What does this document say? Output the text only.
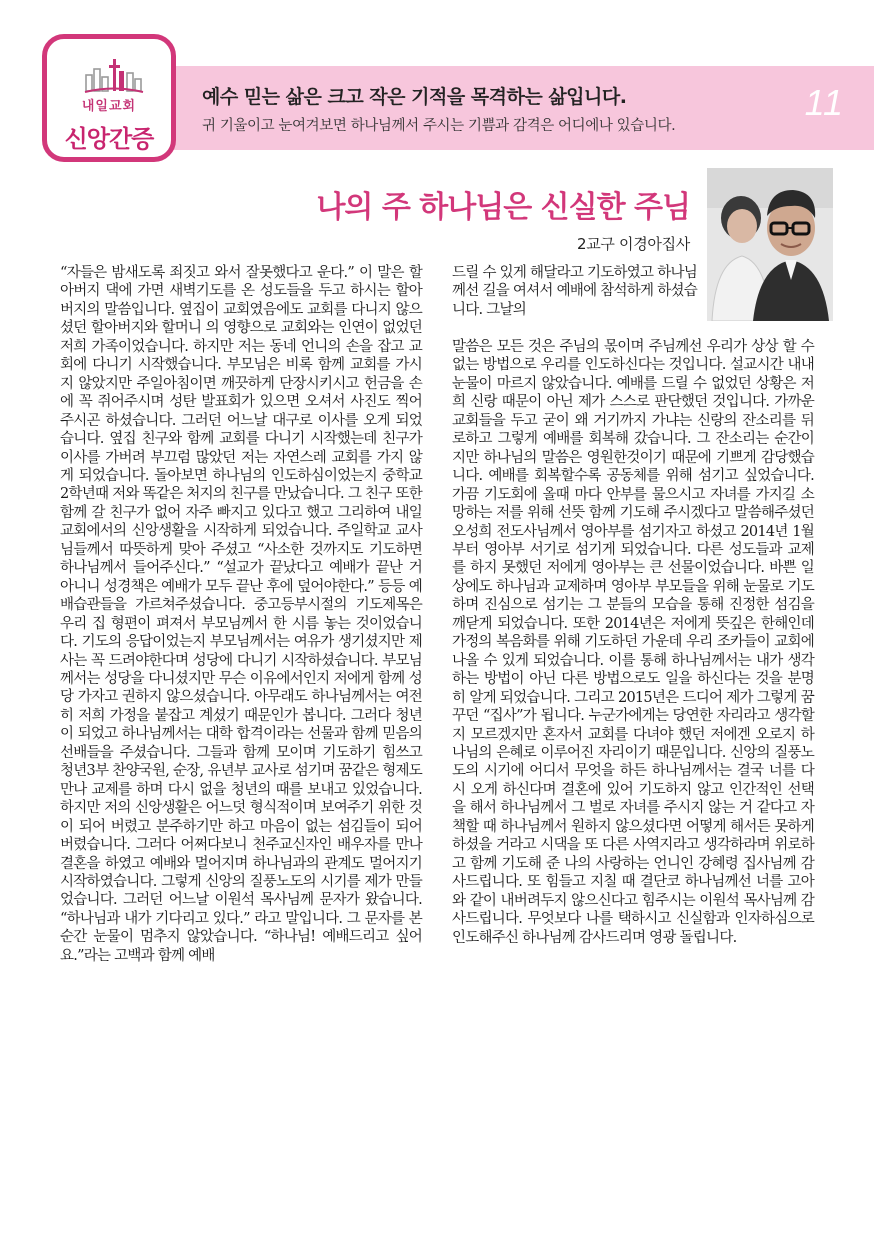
내일교회
신앙간증
예수 믿는 삶은 크고 작은 기적을 목격하는 삶입니다.
귀 기울이고 눈여겨보면 하나님께서 주시는 기쁨과 감격은 어디에나 있습니다.
11
나의 주 하나님은 신실한 주님
2교구 이경아집사

“자들은 밤새도록 죄짓고 와서 잘못했다고 운다.” 이 말은 할아버지 댁에 가면 새벽기도를 온 성도들을 두고 하시는 할아버지의 말씀입니다. 옆집이 교회였음에도 교회를 다니지 않으셨던 할아버지와 할머니 의 영향으로 교회와는 인연이 없었던 저희 가족이었습니다. 하지만 저는 동네 언니의 손을 잡고 교회에 다니기 시작했습니다. 부모님은 비록 함께 교회를 가시지 않았지만 주일아침이면 깨끗하게 단장시키시고 헌금을 손에 꼭 쥐어주시며 성탄 발표회가 있으면 오셔서 사진도 찍어 주시곤 하셨습니다. 그러던 어느날 대구로 이사를 오게 되었습니다. 옆집 친구와 함께 교회를 다니기 시작했는데 친구가 이사를 가버려 부끄럼 많았던 저는 자연스레 교회를 가지 않게 되었습니다. 돌아보면 하나님의 인도하심이었는지 중학교 2학년때 저와 똑같은 처지의 친구를 만났습니다. 그 친구 또한 함께 갈 친구가 없어 자주 빠지고 있다고 했고 그리하여 내일교회에서의 신앙생활을 시작하게 되었습니다. 주일학교 교사님들께서 따뜻하게 맞아 주셨고 “사소한 것까지도 기도하면 하나님께서 들어주신다.” “설교가 끝났다고 예배가 끝난 거 아니니 성경책은 예배가 모두 끝난 후에 덮어야한다.” 등등 예배습관들을 가르쳐주셨습니다. 중고등부시절의 기도제목은 우리 집 형편이 펴져서 부모님께서 한 시름 놓는 것이었습니다. 기도의 응답이었는지 부모님께서는 여유가 생기셨지만 제사는 꼭 드려야한다며 성당에 다니기 시작하셨습니다. 부모님께서는 성당을 다니셨지만 무슨 이유에서인지 저에게 함께 성당 가자고 권하지 않으셨습니다. 아무래도 하나님께서는 여전히 저희 가정을 붙잡고 계셨기 때문인가 봅니다. 그러다 청년이 되었고 하나님께서는 대학 합격이라는 선물과 함께 믿음의 선배들을 주셨습니다. 그들과 함께 모이며 기도하기 힘쓰고 청년3부 찬양국원, 순장, 유년부 교사로 섬기며 꿈같은 형제도 만나 교제를 하며 다시 없을 청년의 때를 보내고 있었습니다. 하지만 저의 신앙생활은 어느덧 형식적이며 보여주기 위한 것이 되어 버렸고 분주하기만 하고 마음이 없는 섬김들이 되어버렸습니다. 그러다 어쩌다보니 천주교신자인 배우자를 만나 결혼을 하였고 예배와 멀어지며 하나님과의 관계도 멀어지기 시작하였습니다. 그렇게 신앙의 질풍노도의 시기를 제가 만들었습니다. 그러던 어느날 이원석 목사님께 문자가 왔습니다. “하나님과 내가 기다리고 있다.” 라고 말입니다. 그 문자를 본 순간 눈물이 멈추지 않았습니다. “하나님! 예배드리고 싶어요.”라는 고백과 함께 예배

드릴 수 있게 해달라고 기도하였고 하나님께선 길을 여셔서 예배에 참석하게 하셨습니다. 그날의

말씀은 모든 것은 주님의 몫이며 주님께선 우리가 상상 할 수 없는 방법으로 우리를 인도하신다는 것입니다. 설교시간 내내 눈물이 마르지 않았습니다. 예배를 드릴 수 없었던 상황은 저희 신랑 때문이 아닌 제가 스스로 판단했던 것입니다. 가까운 교회들을 두고 굳이 왜 거기까지 가냐는 신랑의 잔소리를 뒤로하고 그렇게 예배를 회복해 갔습니다. 그 잔소리는 순간이지만 하나님의 말씀은 영원한것이기 때문에 기쁘게 감당했습니다. 예배를 회복할수록 공동체를 위해 섬기고 싶었습니다. 가끔 기도회에 올때 마다 안부를 물으시고 자녀를 가지길 소망하는 저를 위해 선뜻 함께 기도해 주시겠다고 말씀해주셨던 오성희 전도사님께서 영아부를 섬기자고 하셨고 2014년 1월부터 영아부 서기로 섬기게 되었습니다. 다른 성도들과 교제를 하지 못했던 저에게 영아부는 큰 선물이었습니다. 바쁜 일상에도 하나님과 교제하며 영아부 부모들을 위해 눈물로 기도하며 진심으로 섬기는 그 분들의 모습을 통해 진정한 섬김을 깨닫게 되었습니다. 또한 2014년은 저에게 뜻깊은 한해인데 가정의 복음화를 위해 기도하던 가운데 우리 조카들이 교회에 나올 수 있게 되었습니다. 이를 통해 하나님께서는 내가 생각하는 방법이 아닌 다른 방법으로도 일을 하신다는 것을 분명히 알게 되었습니다. 그리고 2015년은 드디어 제가 그렇게 꿈꾸던 “집사”가 됩니다. 누군가에게는 당연한 자리라고 생각할지 모르겠지만 혼자서 교회를 다녀야 했던 저에겐 오로지 하나님의 은혜로 이루어진 자리이기 때문입니다. 신앙의 질풍노도의 시기에 어디서 무엇을 하든 하나님께서는 결국 너를 다시 오게 하신다며 결혼에 있어 기도하지 않고 인간적인 선택을 해서 하나님께서 그 벌로 자녀를 주시지 않는 거 같다고 자책할 때 하나님께서 원하지 않으셨다면 어떻게 해서든 못하게 하셨을 거라고 시댁을 또 다른 사역지라고 생각하라며 위로하고 함께 기도해 준 나의 사랑하는 언니인 강혜령 집사님께 감사드립니다. 또 힘들고 지칠 때 결단코 하나님께선 너를 고아와 같이 내버려두지 않으신다고 힘주시는 이원석 목사님께 감사드립니다. 무엇보다 나를 택하시고 신실함과 인자하심으로 인도해주신 하나님께 감사드리며 영광 돌립니다.
